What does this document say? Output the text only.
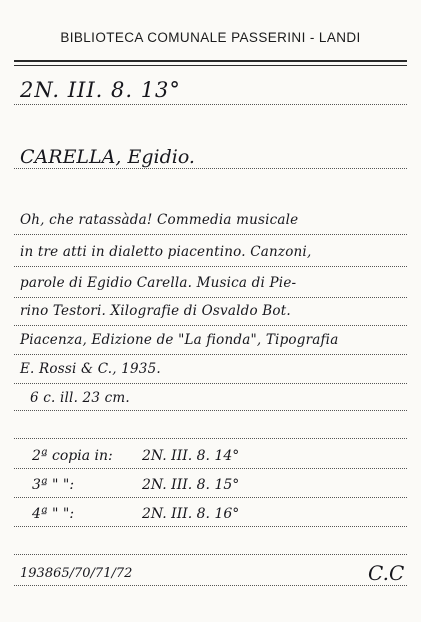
BIBLIOTECA COMUNALE PASSERINI - LANDI
2N. III. 8. 13°
CARELLA, Egidio.
Oh, che ratassàda! Commedia musicale
in tre atti in dialetto piacentino. Canzoni,
parole di Egidio Carella. Musica di Pie-
rino Testori. Xilografie di Osvaldo Bot.
Piacenza, Edizione de "La fionda", Tipografia
E. Rossi & C., 1935.
6 c. ill. 23 cm.
2ª copia in: 2N. III. 8. 14°
3ª " ":	2N. III. 8. 15°
4ª " ":	2N. III. 8. 16°
193865/70/71/72	C.C
